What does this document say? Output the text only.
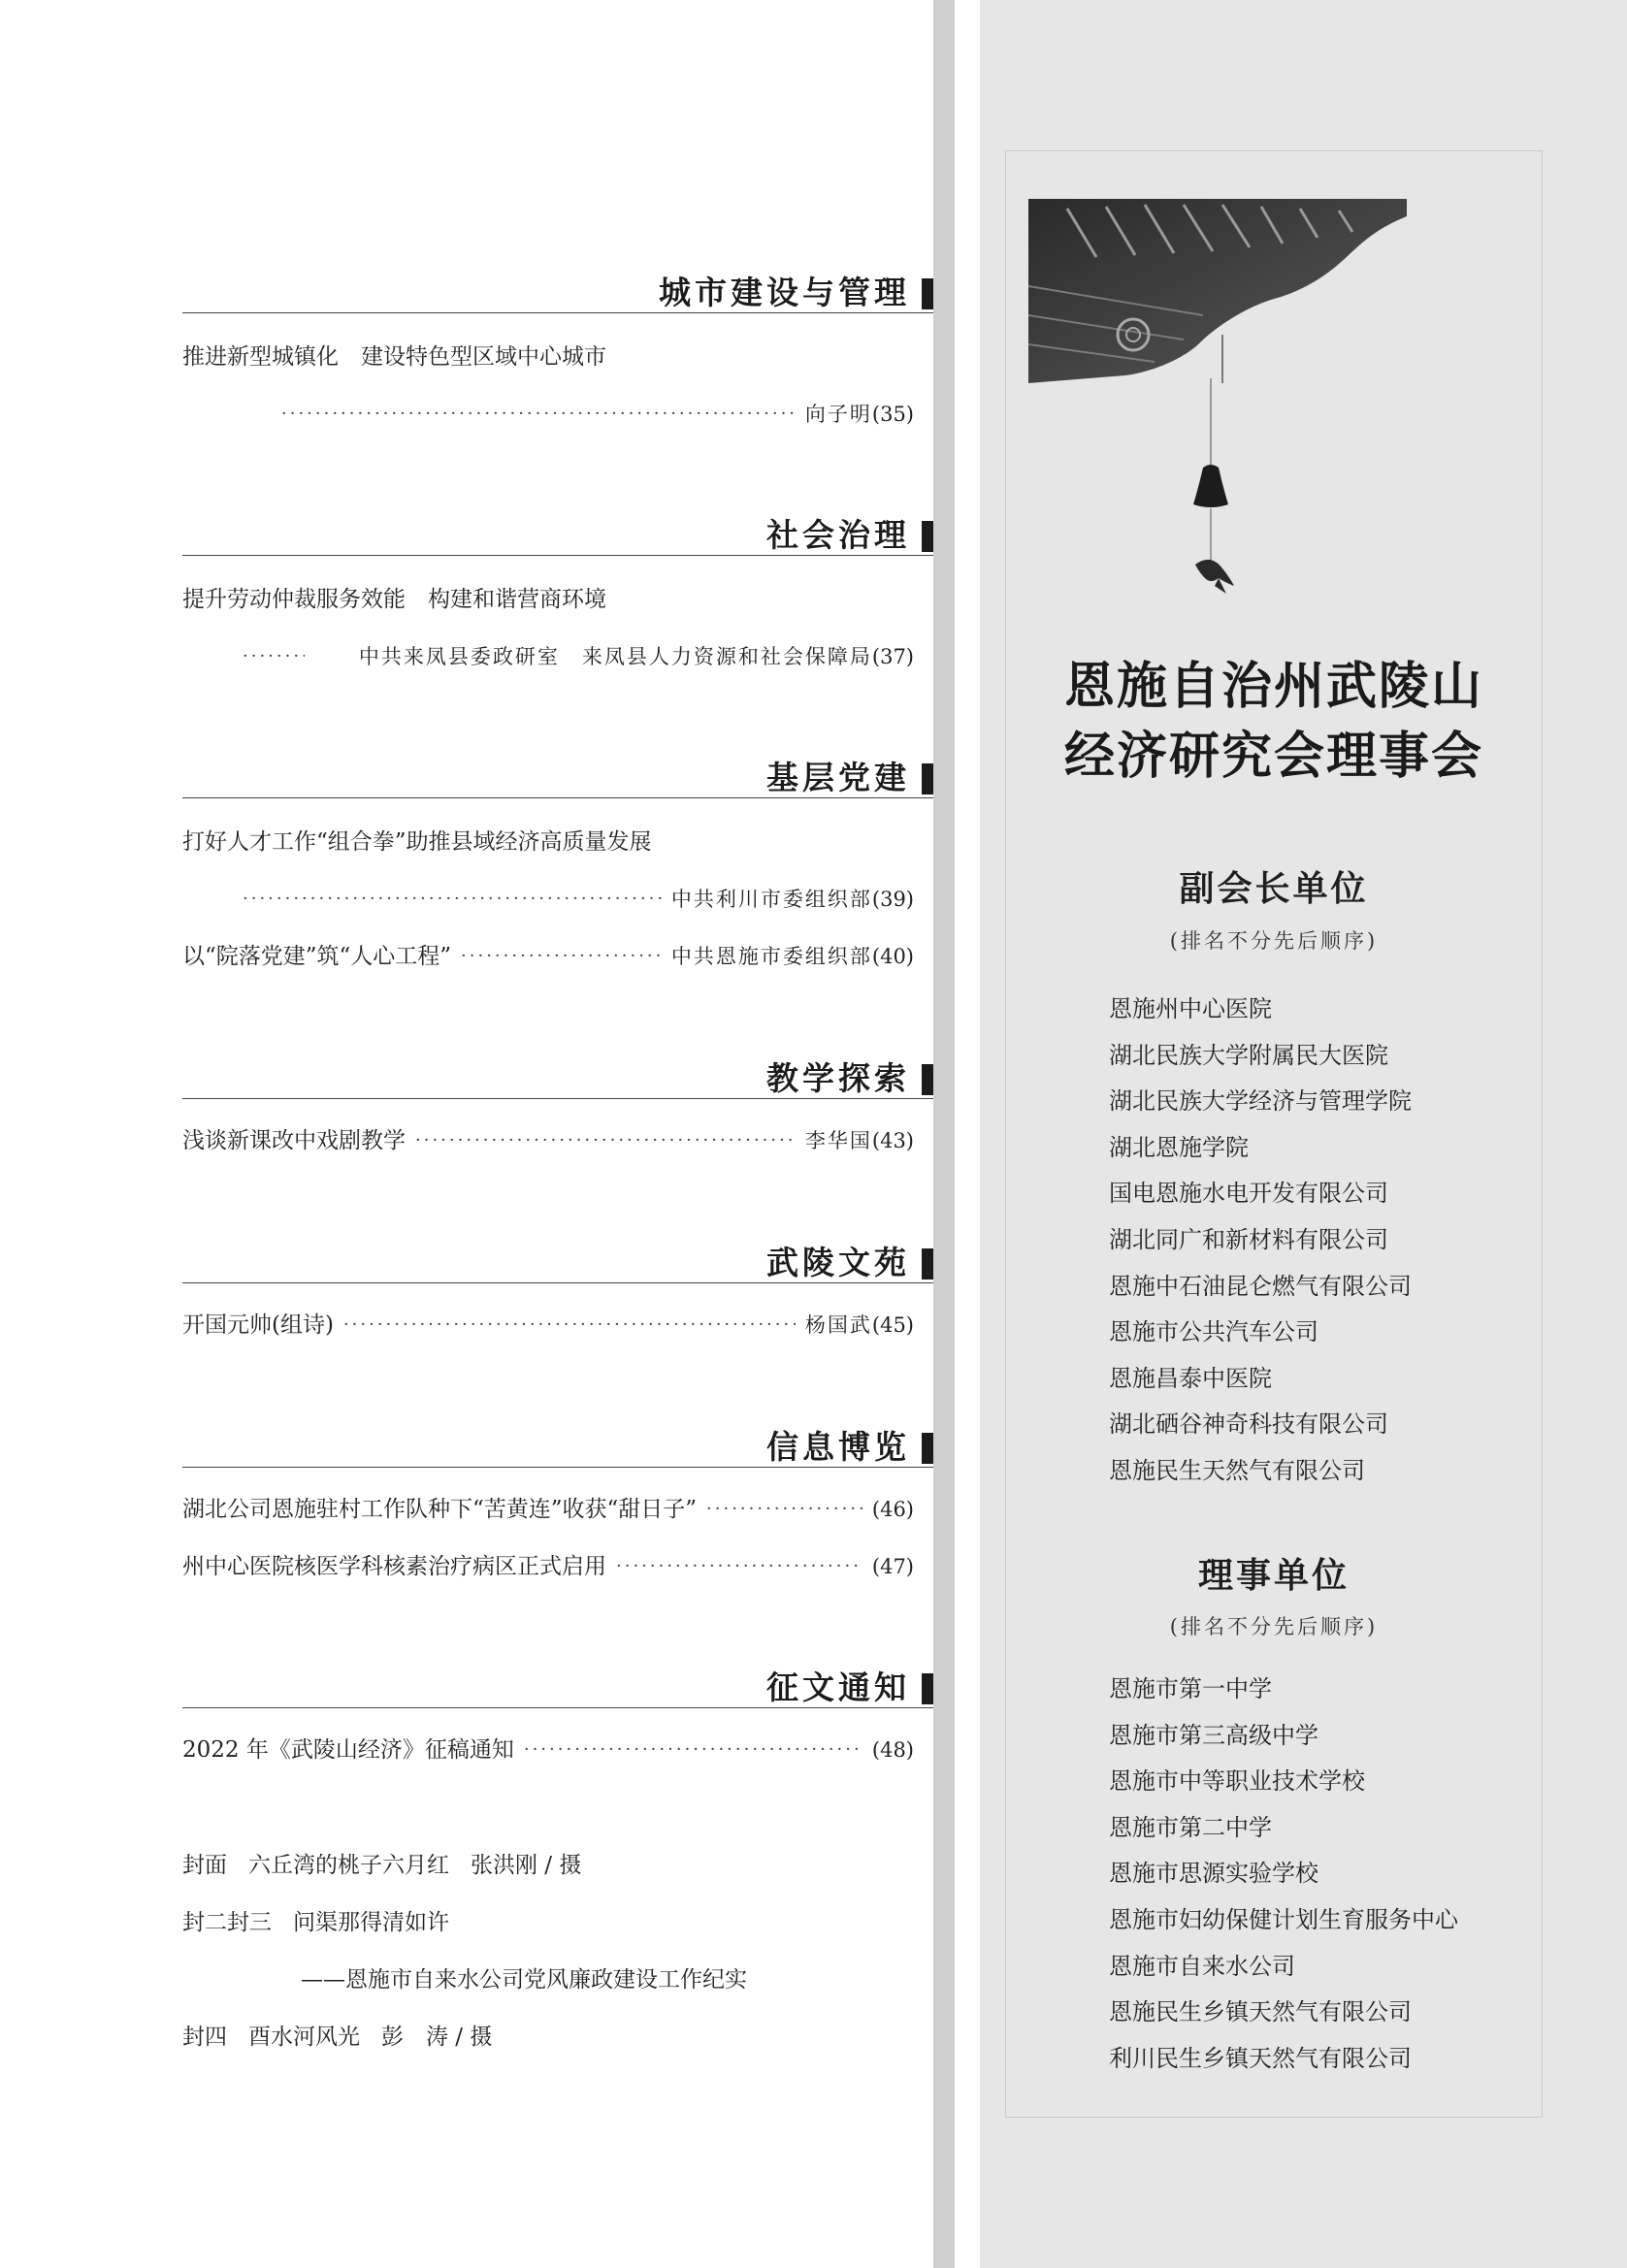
城市建设与管理
推进新型城镇化　建设特色型区域中心城市
·····
向子明 (35)
社会治理
提升劳动仲裁服务效能　构建和谐营商环境
·····
中共来凤县委政研室　来凤县人力资源和社会保障局 (37)
基层党建
打好人才工作“组合拳”助推县域经济高质量发展
·····
中共利川市委组织部 (39)
以“院落党建”筑“人心工程” ·····	中共恩施市委组织部 (40)
教学探索
浅谈新课改中戏剧教学 ·····	李华国 (43)
武陵文苑
开国元帅(组诗) ·····	杨国武 (45)
信息博览
湖北公司恩施驻村工作队种下“苦黄连”收获“甜日子” ·····	(46)
州中心医院核医学科核素治疗病区正式启用 ·····	(47)
征文通知
2022 年《武陵山经济》征稿通知 ·····	(48)
封面 六丘湾的桃子六月红 张洪刚 / 摄
封二封三 问渠那得清如许
——恩施市自来水公司党风廉政建设工作纪实
封四 酉水河风光 彭　涛 / 摄
恩施自治州武陵山
经济研究会理事会
副会长单位
(排名不分先后顺序)
恩施州中心医院
湖北民族大学附属民大医院
湖北民族大学经济与管理学院
湖北恩施学院
国电恩施水电开发有限公司
湖北同广和新材料有限公司
恩施中石油昆仑燃气有限公司
恩施市公共汽车公司
恩施昌泰中医院
湖北硒谷神奇科技有限公司
恩施民生天然气有限公司
理事单位
(排名不分先后顺序)
恩施市第一中学
恩施市第三高级中学
恩施市中等职业技术学校
恩施市第二中学
恩施市思源实验学校
恩施市妇幼保健计划生育服务中心
恩施市自来水公司
恩施民生乡镇天然气有限公司
利川民生乡镇天然气有限公司
